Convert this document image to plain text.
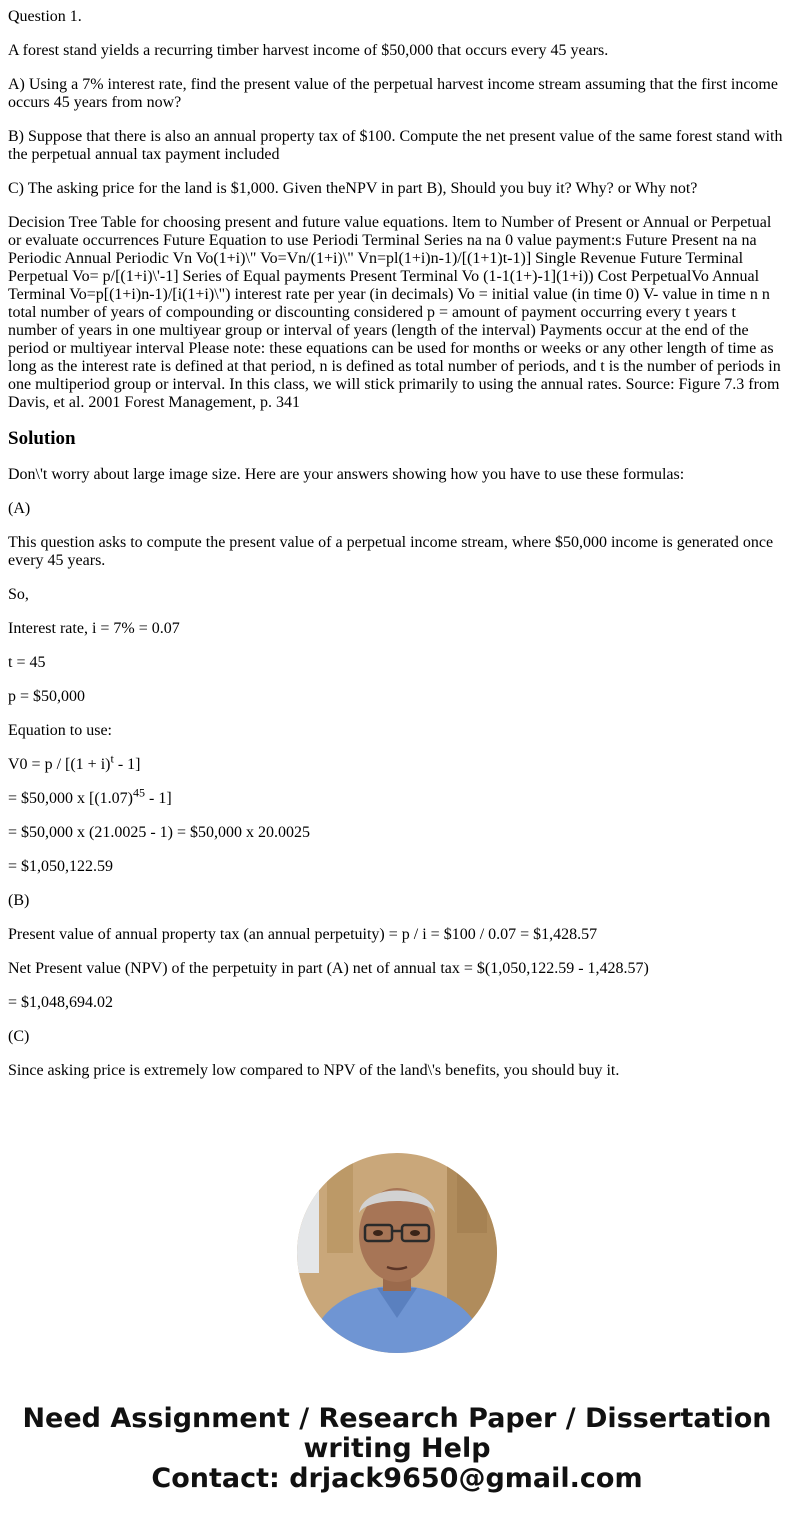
Question 1.

A forest stand yields a recurring timber harvest income of $50,000 that occurs every 45 years.

A) Using a 7% interest rate, find the present value of the perpetual harvest income stream assuming that the first income occurs 45 years from now?

B) Suppose that there is also an annual property tax of $100. Compute the net present value of the same forest stand with the perpetual annual tax payment included

C) The asking price for the land is $1,000. Given theNPV in part B), Should you buy it? Why? or Why not?

Decision Tree Table for choosing present and future value equations. ltem to Number of Present or Annual or Perpetual or evaluate occurrences Future Equation to use Periodi Terminal Series na na 0 value payment:s Future Present na na Periodic Annual Periodic Vn Vo(1+i)\" Vo=Vn/(1+i)\" Vn=pl(1+i)n-1)/[(1+1)t-1)] Single Revenue Future Terminal Perpetual Vo= p/[(1+i)\'-1] Series of Equal payments Present Terminal Vo (1-1(1+)-1](1+i)) Cost PerpetualVo Annual Terminal Vo=p[(1+i)n-1)/[i(1+i)\") interest rate per year (in decimals) Vo = initial value (in time 0) V- value in time n n total number of years of compounding or discounting considered p = amount of payment occurring every t years t number of years in one multiyear group or interval of years (length of the interval) Payments occur at the end of the period or multiyear interval Please note: these equations can be used for months or weeks or any other length of time as long as the interest rate is defined at that period, n is defined as total number of periods, and t is the number of periods in one multiperiod group or interval. In this class, we will stick primarily to using the annual rates. Source: Figure 7.3 from Davis, et al. 2001 Forest Management, p. 341

Solution

Don\'t worry about large image size. Here are your answers showing how you have to use these formulas:

(A)

This question asks to compute the present value of a perpetual income stream, where $50,000 income is generated once every 45 years.

So,

Interest rate, i = 7% = 0.07

t = 45

p = $50,000

Equation to use:

$V0 = p / [(1 + i)^t - 1]$

= $50,000 x $[(1.07)^{45} - 1]$

= $50,000 x (21.0025 - 1) = $50,000 x 20.0025

= $1,050,122.59

(B)

Present value of annual property tax (an annual perpetuity) = p / i = $100 / 0.07 = $1,428.57

Net Present value (NPV) of the perpetuity in part (A) net of annual tax = $(1,050,122.59 - 1,428.57)

= $1,048,694.02

(C)

Since asking price is extremely low compared to NPV of the land\'s benefits, you should buy it.

Need Assignment / Research Paper / Dissertation
writing Help
Contact: drjack9650@gmail.com
